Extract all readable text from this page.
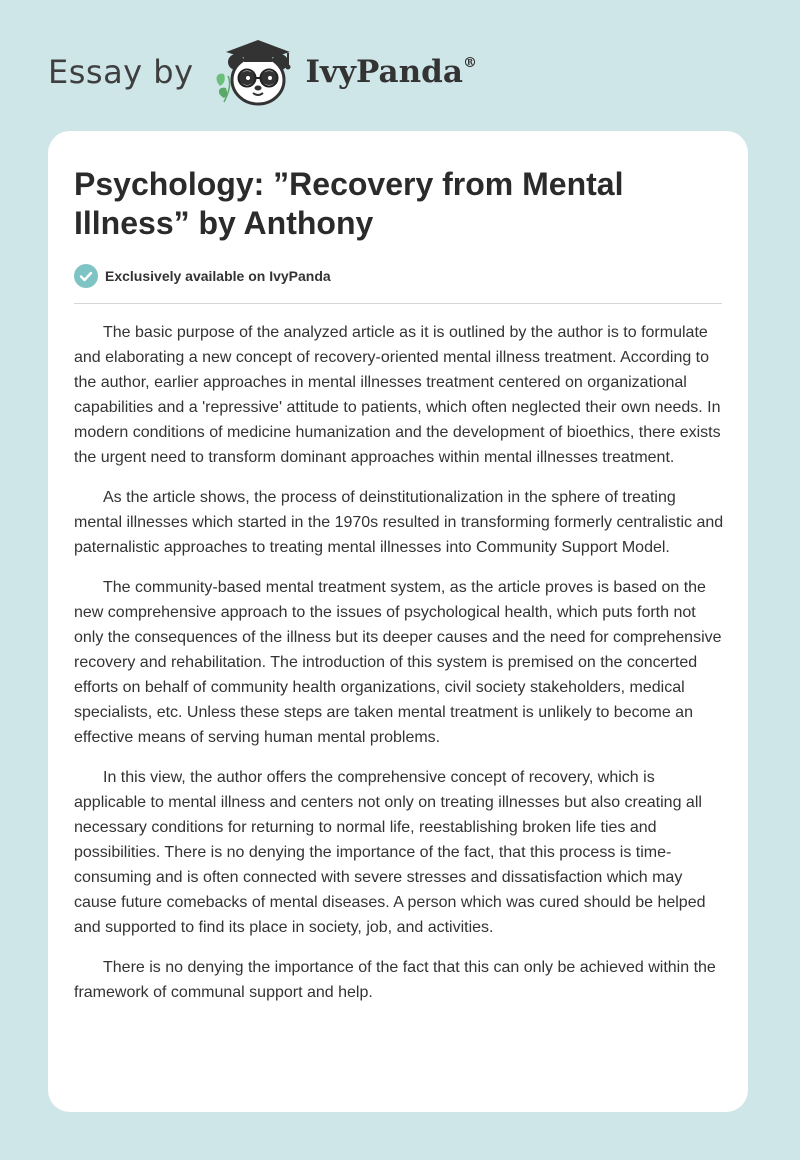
Essay by	IvyPanda®
Psychology: ”Recovery from Mental Illness” by Anthony
Exclusively available on IvyPanda

The basic purpose of the analyzed article as it is outlined by the author is to formulate and elaborating a new concept of recovery-oriented mental illness treatment. According to the author, earlier approaches in mental illnesses treatment centered on organizational capabilities and a 'repressive' attitude to patients, which often neglected their own needs. In modern conditions of medicine humanization and the development of bioethics, there exists the urgent need to transform dominant approaches within mental illnesses treatment.

As the article shows, the process of deinstitutionalization in the sphere of treating mental illnesses which started in the 1970s resulted in transforming formerly centralistic and paternalistic approaches to treating mental illnesses into Community Support Model.

The community-based mental treatment system, as the article proves is based on the new comprehensive approach to the issues of psychological health, which puts forth not only the consequences of the illness but its deeper causes and the need for comprehensive recovery and rehabilitation. The introduction of this system is premised on the concerted efforts on behalf of community health organizations, civil society stakeholders, medical specialists, etc. Unless these steps are taken mental treatment is unlikely to become an effective means of serving human mental problems.

In this view, the author offers the comprehensive concept of recovery, which is applicable to mental illness and centers not only on treating illnesses but also creating all necessary conditions for returning to normal life, reestablishing broken life ties and possibilities. There is no denying the importance of the fact, that this process is time-consuming and is often connected with severe stresses and dissatisfaction which may cause future comebacks of mental diseases. A person which was cured should be helped and supported to find its place in society, job, and activities.

There is no denying the importance of the fact that this can only be achieved within the framework of communal support and help.
